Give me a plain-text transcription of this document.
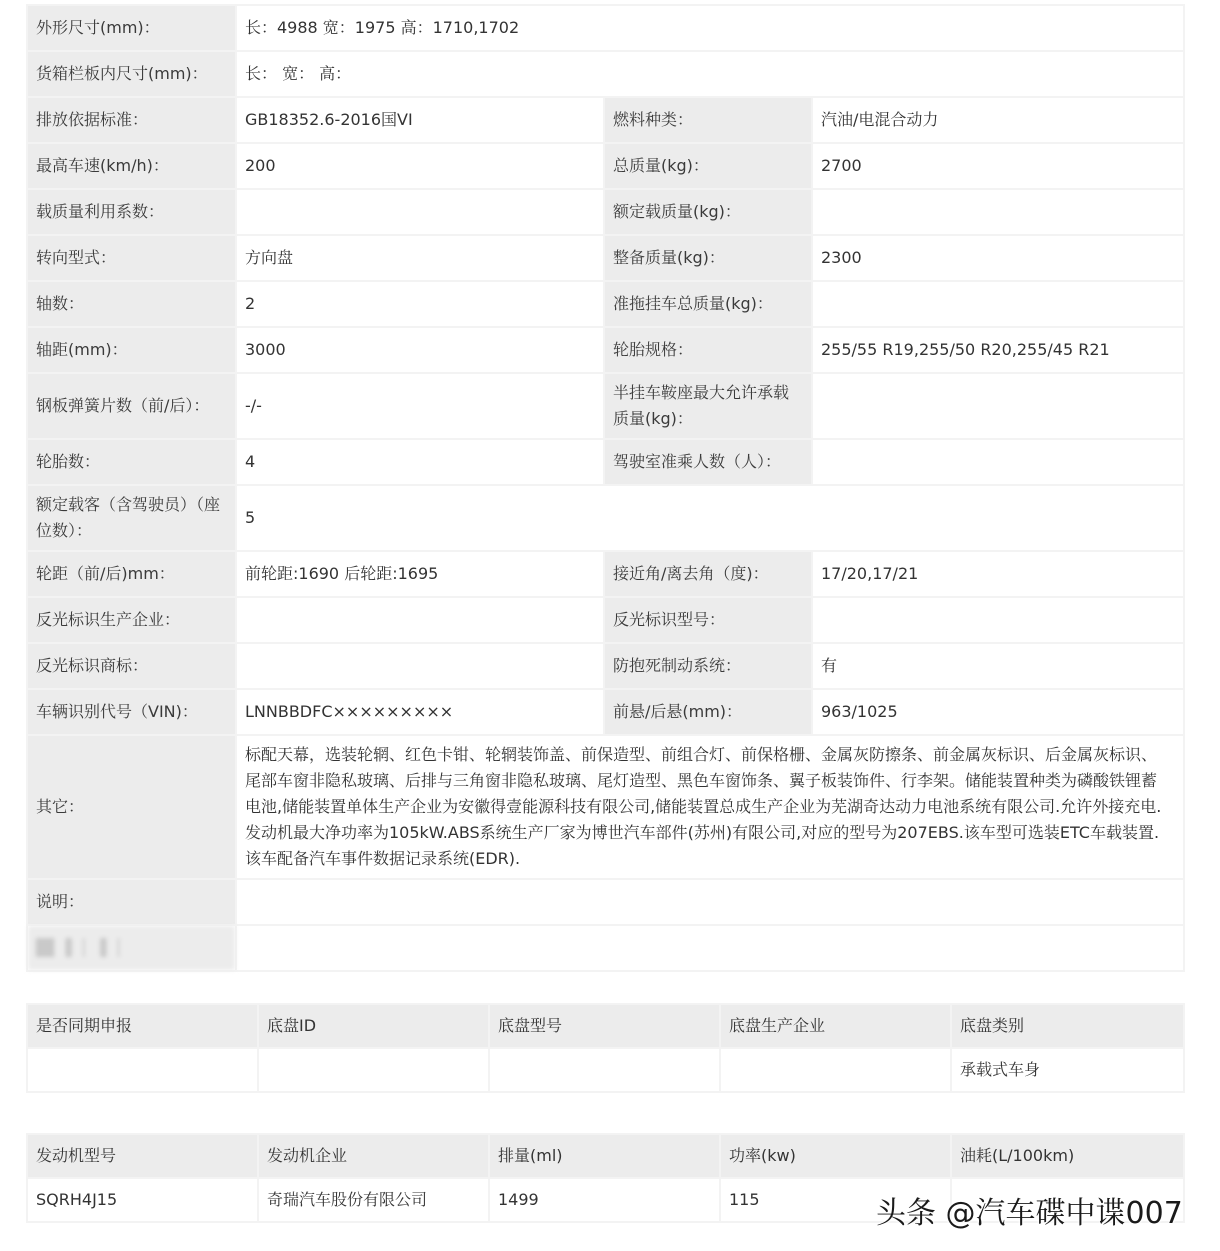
外形尺寸(mm)：	长：4988 宽：1975 高：1710,1702		
货箱栏板内尺寸(mm)：	长： 宽： 高：		
排放依据标准：	GB18352.6-2016国VI	燃料种类：	汽油/电混合动力
最高车速(km/h)：	200	总质量(kg)：	2700
载质量利用系数：		额定载质量(kg)：	
转向型式：	方向盘	整备质量(kg)：	2300
轴数：	2	准拖挂车总质量(kg)：	
轴距(mm)：	3000	轮胎规格：	255/55 R19,255/50 R20,255/45 R21
钢板弹簧片数（前/后）：	-/-	半挂车鞍座最大允许承载质量(kg)：	
轮胎数：	4	驾驶室准乘人数（人）：	
额定载客（含驾驶员）（座位数）：	5		
轮距（前/后)mm：	前轮距:1690 后轮距:1695	接近角/离去角（度)：	17/20,17/21
反光标识生产企业：		反光标识型号：	
反光标识商标：		防抱死制动系统：	有
车辆识别代号（VIN)：	LNNBBDFC×××××××××	前悬/后悬(mm)：	963/1025
其它：	标配天幕，选装轮辋、红色卡钳、轮辋装饰盖、前保造型、前组合灯、前保格栅、金属灰防擦条、前金属灰标识、后金属灰标识、尾部车窗非隐私玻璃、后排与三角窗非隐私玻璃、尾灯造型、黑色车窗饰条、翼子板装饰件、行李架。储能装置种类为磷酸铁锂蓄电池,储能装置单体生产企业为安徽得壹能源科技有限公司,储能装置总成生产企业为芜湖奇达动力电池系统有限公司.允许外接充电.发动机最大净功率为105kW.ABS系统生产厂家为博世汽车部件(苏州)有限公司,对应的型号为207EBS.该车型可选装ETC车载装置.该车配备汽车事件数据记录系统(EDR).		
说明：			
█▌ ▌ ▏ ▌ ▏			
是否同期申报	底盘ID	底盘型号	底盘生产企业	底盘类别
				承载式车身
发动机型号	发动机企业	排量(ml)	功率(kw)	油耗(L/100km)
SQRH4J15	奇瑞汽车股份有限公司	1499	115		头条 @汽车碟中谍007
